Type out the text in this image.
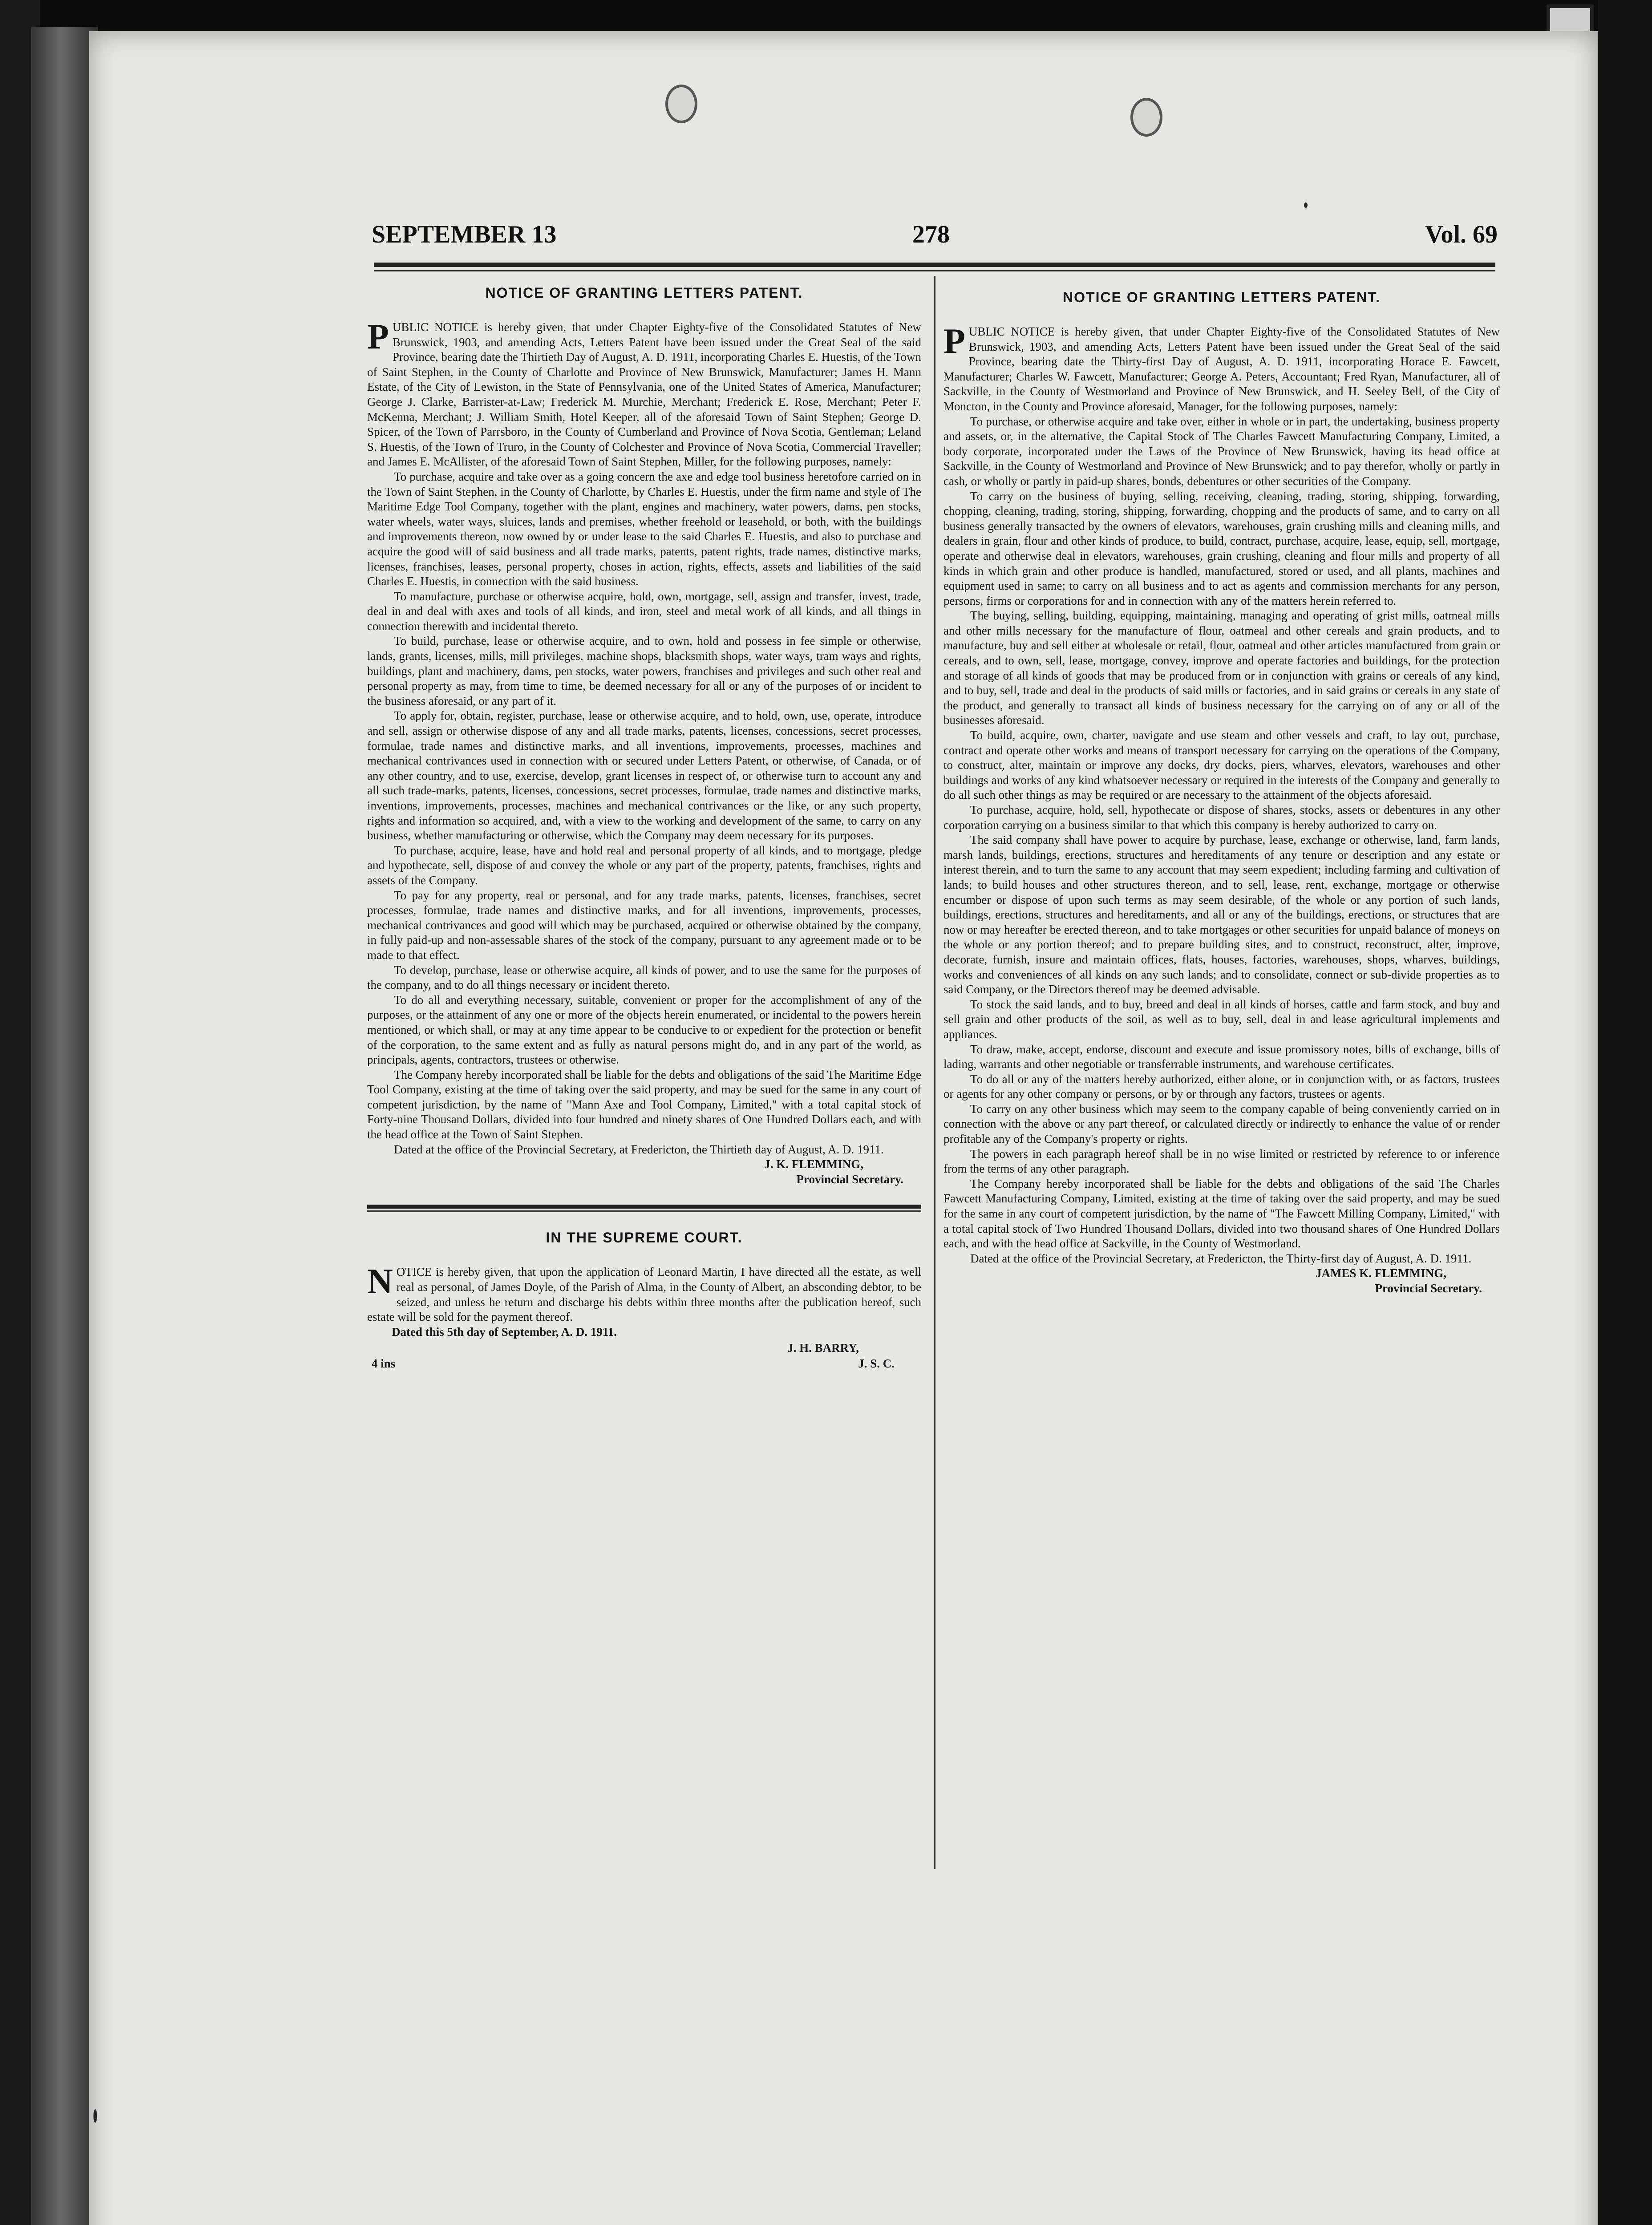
SEPTEMBER 13	278	Vol. 69
NOTICE OF GRANTING LETTERS PATENT.

PUBLIC NOTICE is hereby given, that under Chapter Eighty-five of the Consolidated Statutes of New Brunswick, 1903, and amending Acts, Letters Patent have been issued under the Great Seal of the said Province, bearing date the Thirtieth Day of August, A. D. 1911, incorporating Charles E. Huestis, of the Town of Saint Stephen, in the County of Charlotte and Province of New Brunswick, Manufacturer; James H. Mann Estate, of the City of Lewiston, in the State of Pennsylvania, one of the United States of America, Manufacturer; George J. Clarke, Barrister-at-Law; Frederick M. Murchie, Merchant; Frederick E. Rose, Merchant; Peter F. McKenna, Merchant; J. William Smith, Hotel Keeper, all of the aforesaid Town of Saint Stephen; George D. Spicer, of the Town of Parrsboro, in the County of Cumberland and Province of Nova Scotia, Gentleman; Leland S. Huestis, of the Town of Truro, in the County of Colchester and Province of Nova Scotia, Commercial Traveller; and James E. McAllister, of the aforesaid Town of Saint Stephen, Miller, for the following purposes, namely:

To purchase, acquire and take over as a going concern the axe and edge tool business heretofore carried on in the Town of Saint Stephen, in the County of Charlotte, by Charles E. Huestis, under the firm name and style of The Maritime Edge Tool Company, together with the plant, engines and machinery, water powers, dams, pen stocks, water wheels, water ways, sluices, lands and premises, whether freehold or leasehold, or both, with the buildings and improvements thereon, now owned by or under lease to the said Charles E. Huestis, and also to purchase and acquire the good will of said business and all trade marks, patents, patent rights, trade names, distinctive marks, licenses, franchises, leases, personal property, choses in action, rights, effects, assets and liabilities of the said Charles E. Huestis, in connection with the said business.

To manufacture, purchase or otherwise acquire, hold, own, mortgage, sell, assign and transfer, invest, trade, deal in and deal with axes and tools of all kinds, and iron, steel and metal work of all kinds, and all things in connection therewith and incidental thereto.

To build, purchase, lease or otherwise acquire, and to own, hold and possess in fee simple or otherwise, lands, grants, licenses, mills, mill privileges, machine shops, blacksmith shops, water ways, tram ways and rights, buildings, plant and machinery, dams, pen stocks, water powers, franchises and privileges and such other real and personal property as may, from time to time, be deemed necessary for all or any of the purposes of or incident to the business aforesaid, or any part of it.

To apply for, obtain, register, purchase, lease or otherwise acquire, and to hold, own, use, operate, introduce and sell, assign or otherwise dispose of any and all trade marks, patents, licenses, concessions, secret processes, formulae, trade names and distinctive marks, and all inventions, improvements, processes, machines and mechanical contrivances used in connection with or secured under Letters Patent, or otherwise, of Canada, or of any other country, and to use, exercise, develop, grant licenses in respect of, or otherwise turn to account any and all such trade-marks, patents, licenses, concessions, secret processes, formulae, trade names and distinctive marks, inventions, improvements, processes, machines and mechanical contrivances or the like, or any such property, rights and information so acquired, and, with a view to the working and development of the same, to carry on any business, whether manufacturing or otherwise, which the Company may deem necessary for its purposes.

To purchase, acquire, lease, have and hold real and personal property of all kinds, and to mortgage, pledge and hypothecate, sell, dispose of and convey the whole or any part of the property, patents, franchises, rights and assets of the Company.

To pay for any property, real or personal, and for any trade marks, patents, licenses, franchises, secret processes, formulae, trade names and distinctive marks, and for all inventions, improvements, processes, mechanical contrivances and good will which may be purchased, acquired or otherwise obtained by the company, in fully paid-up and non-assessable shares of the stock of the company, pursuant to any agreement made or to be made to that effect.

To develop, purchase, lease or otherwise acquire, all kinds of power, and to use the same for the purposes of the company, and to do all things necessary or incident thereto.

To do all and everything necessary, suitable, convenient or proper for the accomplishment of any of the purposes, or the attainment of any one or more of the objects herein enumerated, or incidental to the powers herein mentioned, or which shall, or may at any time appear to be conducive to or expedient for the protection or benefit of the corporation, to the same extent and as fully as natural persons might do, and in any part of the world, as principals, agents, contractors, trustees or otherwise.

The Company hereby incorporated shall be liable for the debts and obligations of the said The Maritime Edge Tool Company, existing at the time of taking over the said property, and may be sued for the same in any court of competent jurisdiction, by the name of "Mann Axe and Tool Company, Limited," with a total capital stock of Forty-nine Thousand Dollars, divided into four hundred and ninety shares of One Hundred Dollars each, and with the head office at the Town of Saint Stephen.

Dated at the office of the Provincial Secretary, at Fredericton, the Thirtieth day of August, A. D. 1911.

J. K. FLEMMING,
Provincial Secretary.
IN THE SUPREME COURT.

NOTICE is hereby given, that upon the application of Leonard Martin, I have directed all the estate, as well real as personal, of James Doyle, of the Parish of Alma, in the County of Albert, an absconding debtor, to be seized, and unless he return and discharge his debts within three months after the publication hereof, such estate will be sold for the payment thereof.

Dated this 5th day of September, A. D. 1911.
J. H. BARRY,
4 ins	J. S. C.
NOTICE OF GRANTING LETTERS PATENT.

PUBLIC NOTICE is hereby given, that under Chapter Eighty-five of the Consolidated Statutes of New Brunswick, 1903, and amending Acts, Letters Patent have been issued under the Great Seal of the said Province, bearing date the Thirty-first Day of August, A. D. 1911, incorporating Horace E. Fawcett, Manufacturer; Charles W. Fawcett, Manufacturer; George A. Peters, Accountant; Fred Ryan, Manufacturer, all of Sackville, in the County of Westmorland and Province of New Brunswick, and H. Seeley Bell, of the City of Moncton, in the County and Province aforesaid, Manager, for the following purposes, namely:

To purchase, or otherwise acquire and take over, either in whole or in part, the undertaking, business property and assets, or, in the alternative, the Capital Stock of The Charles Fawcett Manufacturing Company, Limited, a body corporate, incorporated under the Laws of the Province of New Brunswick, having its head office at Sackville, in the County of Westmorland and Province of New Brunswick; and to pay therefor, wholly or partly in cash, or wholly or partly in paid-up shares, bonds, debentures or other securities of the Company.

To carry on the business of buying, selling, receiving, cleaning, trading, storing, shipping, forwarding, chopping, cleaning, trading, storing, shipping, forwarding, chopping and the products of same, and to carry on all business generally transacted by the owners of elevators, warehouses, grain crushing mills and cleaning mills, and dealers in grain, flour and other kinds of produce, to build, contract, purchase, acquire, lease, equip, sell, mortgage, operate and otherwise deal in elevators, warehouses, grain crushing, cleaning and flour mills and property of all kinds in which grain and other produce is handled, manufactured, stored or used, and all plants, machines and equipment used in same; to carry on all business and to act as agents and commission merchants for any person, persons, firms or corporations for and in connection with any of the matters herein referred to.

The buying, selling, building, equipping, maintaining, managing and operating of grist mills, oatmeal mills and other mills necessary for the manufacture of flour, oatmeal and other cereals and grain products, and to manufacture, buy and sell either at wholesale or retail, flour, oatmeal and other articles manufactured from grain or cereals, and to own, sell, lease, mortgage, convey, improve and operate factories and buildings, for the protection and storage of all kinds of goods that may be produced from or in conjunction with grains or cereals of any kind, and to buy, sell, trade and deal in the products of said mills or factories, and in said grains or cereals in any state of the product, and generally to transact all kinds of business necessary for the carrying on of any or all of the businesses aforesaid.

To build, acquire, own, charter, navigate and use steam and other vessels and craft, to lay out, purchase, contract and operate other works and means of transport necessary for carrying on the operations of the Company, to construct, alter, maintain or improve any docks, dry docks, piers, wharves, elevators, warehouses and other buildings and works of any kind whatsoever necessary or required in the interests of the Company and generally to do all such other things as may be required or are necessary to the attainment of the objects aforesaid.

To purchase, acquire, hold, sell, hypothecate or dispose of shares, stocks, assets or debentures in any other corporation carrying on a business similar to that which this company is hereby authorized to carry on.

The said company shall have power to acquire by purchase, lease, exchange or otherwise, land, farm lands, marsh lands, buildings, erections, structures and hereditaments of any tenure or description and any estate or interest therein, and to turn the same to any account that may seem expedient; including farming and cultivation of lands; to build houses and other structures thereon, and to sell, lease, rent, exchange, mortgage or otherwise encumber or dispose of upon such terms as may seem desirable, of the whole or any portion of such lands, buildings, erections, structures and hereditaments, and all or any of the buildings, erections, or structures that are now or may hereafter be erected thereon, and to take mortgages or other securities for unpaid balance of moneys on the whole or any portion thereof; and to prepare building sites, and to construct, reconstruct, alter, improve, decorate, furnish, insure and maintain offices, flats, houses, factories, warehouses, shops, wharves, buildings, works and conveniences of all kinds on any such lands; and to consolidate, connect or sub-divide properties as to said Company, or the Directors thereof may be deemed advisable.

To stock the said lands, and to buy, breed and deal in all kinds of horses, cattle and farm stock, and buy and sell grain and other products of the soil, as well as to buy, sell, deal in and lease agricultural implements and appliances.

To draw, make, accept, endorse, discount and execute and issue promissory notes, bills of exchange, bills of lading, warrants and other negotiable or transferrable instruments, and warehouse certificates.

To do all or any of the matters hereby authorized, either alone, or in conjunction with, or as factors, trustees or agents for any other company or persons, or by or through any factors, trustees or agents.

To carry on any other business which may seem to the company capable of being conveniently carried on in connection with the above or any part thereof, or calculated directly or indirectly to enhance the value of or render profitable any of the Company's property or rights.

The powers in each paragraph hereof shall be in no wise limited or restricted by reference to or inference from the terms of any other paragraph.

The Company hereby incorporated shall be liable for the debts and obligations of the said The Charles Fawcett Manufacturing Company, Limited, existing at the time of taking over the said property, and may be sued for the same in any court of competent jurisdiction, by the name of "The Fawcett Milling Company, Limited," with a total capital stock of Two Hundred Thousand Dollars, divided into two thousand shares of One Hundred Dollars each, and with the head office at Sackville, in the County of Westmorland.

Dated at the office of the Provincial Secretary, at Fredericton, the Thirty-first day of August, A. D. 1911.

JAMES K. FLEMMING,
Provincial Secretary.
